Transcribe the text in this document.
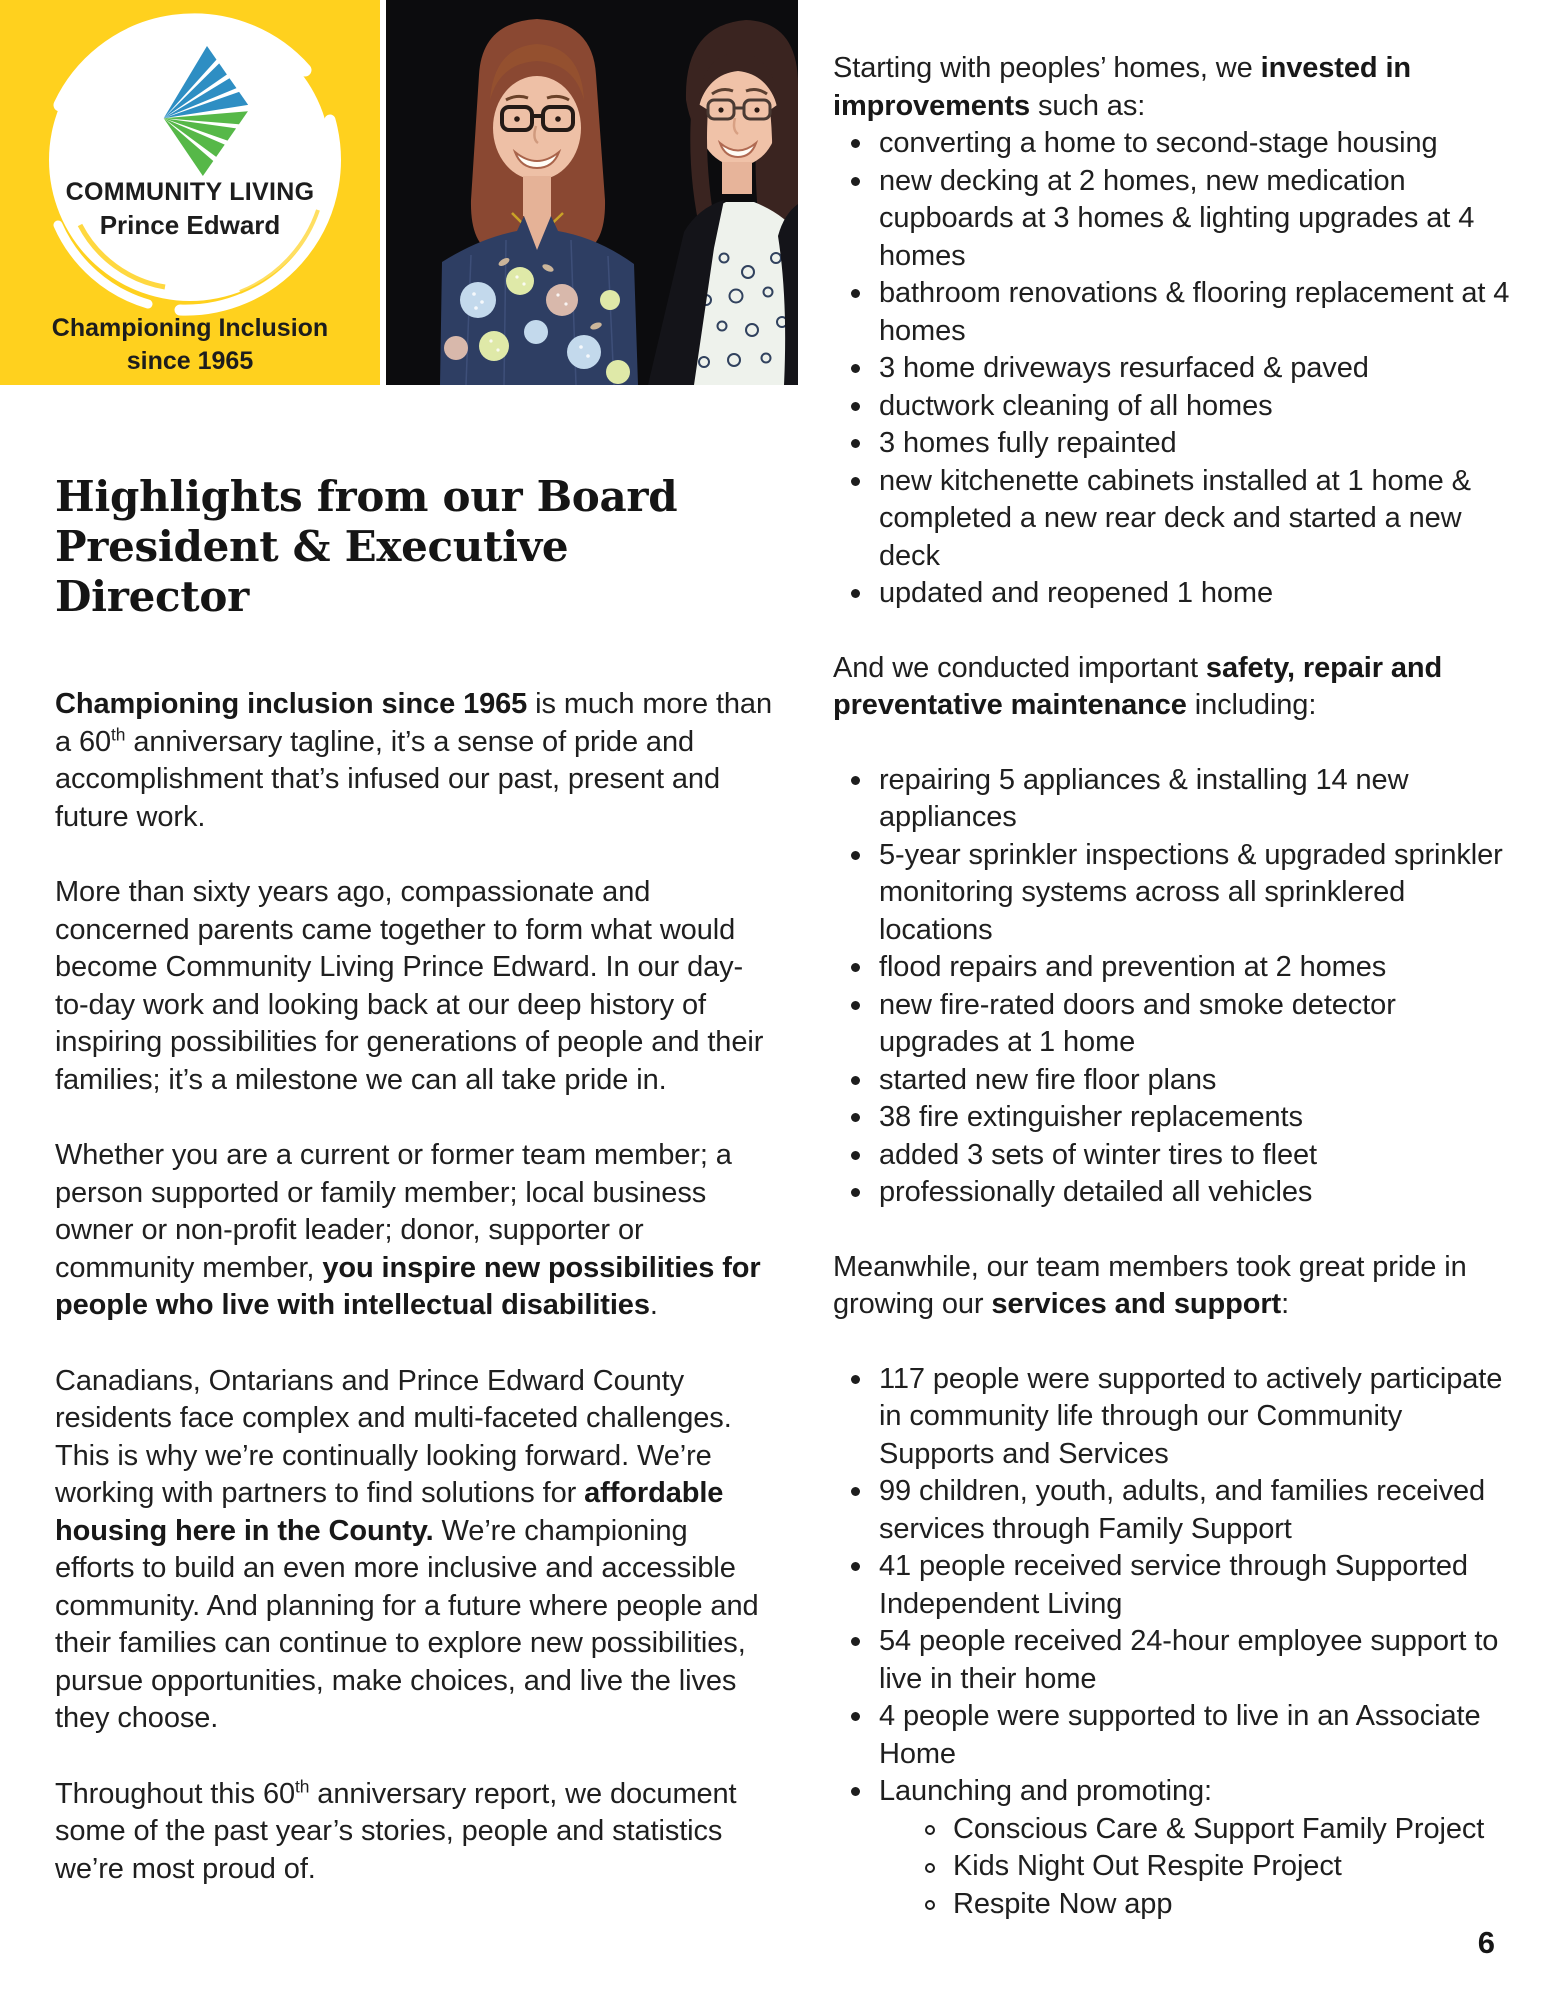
COMMUNITY LIVING
Prince Edward
Championing Inclusion
since 1965
Highlights from our Board
President & Executive Director
Championing inclusion since 1965 is much more than a 60th anniversary tagline, it’s a sense of pride and accomplishment that’s infused our past, present and future work.
More than sixty years ago, compassionate and concerned parents came together to form what would become Community Living Prince Edward. In our day-to-day work and looking back at our deep history of inspiring possibilities for generations of people and their families; it’s a milestone we can all take pride in.
Whether you are a current or former team member; a person supported or family member; local business owner or non-profit leader; donor, supporter or community member, you inspire new possibilities for people who live with intellectual disabilities.
Canadians, Ontarians and Prince Edward County residents face complex and multi-faceted challenges. This is why we’re continually looking forward. We’re working with partners to find solutions for affordable housing here in the County. We’re championing efforts to build an even more inclusive and accessible community. And planning for a future where people and their families can continue to explore new possibilities, pursue opportunities, make choices, and live the lives they choose.
Throughout this 60th anniversary report, we document some of the past year’s stories, people and statistics we’re most proud of.
Starting with peoples’ homes, we invested in improvements such as:
converting a home to second-stage housing
new decking at 2 homes, new medication cupboards at 3 homes & lighting upgrades at 4 homes
bathroom renovations & flooring replacement at 4 homes
3 home driveways resurfaced & paved
ductwork cleaning of all homes
3 homes fully repainted
new kitchenette cabinets installed at 1 home & completed a new rear deck and started a new deck
updated and reopened 1 home
And we conducted important safety, repair and preventative maintenance including:
repairing 5 appliances & installing 14 new appliances
5-year sprinkler inspections & upgraded sprinkler monitoring systems across all sprinklered locations
flood repairs and prevention at 2 homes
new fire-rated doors and smoke detector upgrades at 1 home
started new fire floor plans
38 fire extinguisher replacements
added 3 sets of winter tires to fleet
professionally detailed all vehicles
Meanwhile, our team members took great pride in growing our services and support:
117 people were supported to actively participate in community life through our Community Supports and Services
99 children, youth, adults, and families received services through Family Support
41 people received service through Supported Independent Living
54 people received 24-hour employee support to live in their home
4 people were supported to live in an Associate Home
Launching and promoting:
Conscious Care & Support Family Project
Kids Night Out Respite Project
Respite Now app
6
